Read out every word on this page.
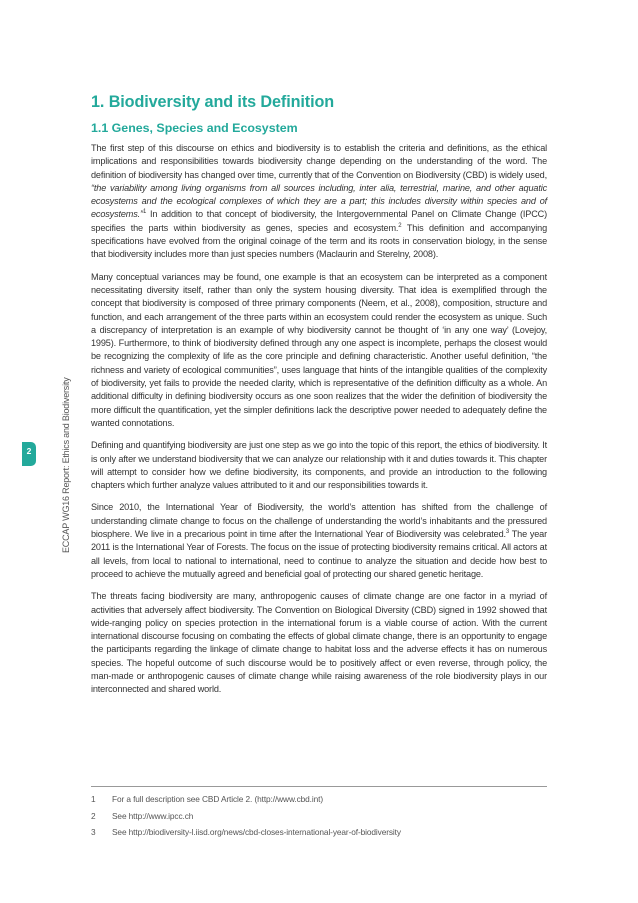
2	ECCAP WG16 Report: Ethics and Biodiversity
1. Biodiversity and its Definition
1.1 Genes, Species and Ecosystem

The first step of this discourse on ethics and biodiversity is to establish the criteria and definitions, as the ethical implications and responsibilities towards biodiversity change depending on the understanding of the word. The definition of biodiversity has changed over time, currently that of the Convention on Biodiversity (CBD) is widely used, “the variability among living organisms from all sources including, inter alia, terrestrial, marine, and other aquatic ecosystems and the ecological complexes of which they are a part; this includes diversity within species and of ecosystems.”$^1$ In addition to that concept of biodiversity, the Intergovernmental Panel on Climate Change (IPCC) specifies the parts within biodiversity as genes, species and ecosystem.$^2$ This definition and accompanying specifications have evolved from the original coinage of the term and its roots in conservation biology, in the sense that biodiversity includes more than just species numbers (Maclaurin and Sterelny, 2008).

Many conceptual variances may be found, one example is that an ecosystem can be interpreted as a component necessitating diversity itself, rather than only the system housing diversity. That idea is exemplified through the concept that biodiversity is composed of three primary components (Neem, et al., 2008), composition, structure and function, and each arrangement of the three parts within an ecosystem could render the ecosystem as unique. Such a discrepancy of interpretation is an example of why biodiversity cannot be thought of ‘in any one way’ (Lovejoy, 1995). Furthermore, to think of biodiversity defined through any one aspect is incomplete, perhaps the closest would be recognizing the complexity of life as the core principle and defining characteristic. Another useful definition, “the richness and variety of ecological communities”, uses language that hints of the intangible qualities of the complexity of biodiversity, yet fails to provide the needed clarity, which is representative of the definition difficulty as a whole. An additional difficulty in defining biodiversity occurs as one soon realizes that the wider the definition of biodiversity the more difficult the quantification, yet the simpler definitions lack the descriptive power needed to adequately define the wanted connotations.

Defining and quantifying biodiversity are just one step as we go into the topic of this report, the ethics of biodiversity. It is only after we understand biodiversity that we can analyze our relationship with it and duties towards it. This chapter will attempt to consider how we define biodiversity, its components, and provide an introduction to the following chapters which further analyze values attributed to it and our responsibilities towards it.

Since 2010, the International Year of Biodiversity, the world’s attention has shifted from the challenge of understanding climate change to focus on the challenge of understanding the world’s inhabitants and the pressured biosphere. We live in a precarious point in time after the International Year of Biodiversity was celebrated.$^3$ The year 2011 is the International Year of Forests. The focus on the issue of protecting biodiversity remains critical. All actors at all levels, from local to national to international, need to continue to analyze the situation and decide how best to proceed to achieve the mutually agreed and beneficial goal of protecting our shared genetic heritage.

The threats facing biodiversity are many, anthropogenic causes of climate change are one factor in a myriad of activities that adversely affect biodiversity. The Convention on Biological Diversity (CBD) signed in 1992 showed that wide-ranging policy on species protection in the international forum is a viable course of action. With the current international discourse focusing on combating the effects of global climate change, there is an opportunity to engage the participants regarding the linkage of climate change to habitat loss and the adverse effects it has on numerous species. The hopeful outcome of such discourse would be to positively affect or even reverse, through policy, the man-made or anthropogenic causes of climate change while raising awareness of the role biodiversity plays in our interconnected and shared world.

1 For a full description see CBD Article 2. (http://www.cbd.int)
2 See http://www.ipcc.ch
3 See http://biodiversity-l.iisd.org/news/cbd-closes-international-year-of-biodiversity
